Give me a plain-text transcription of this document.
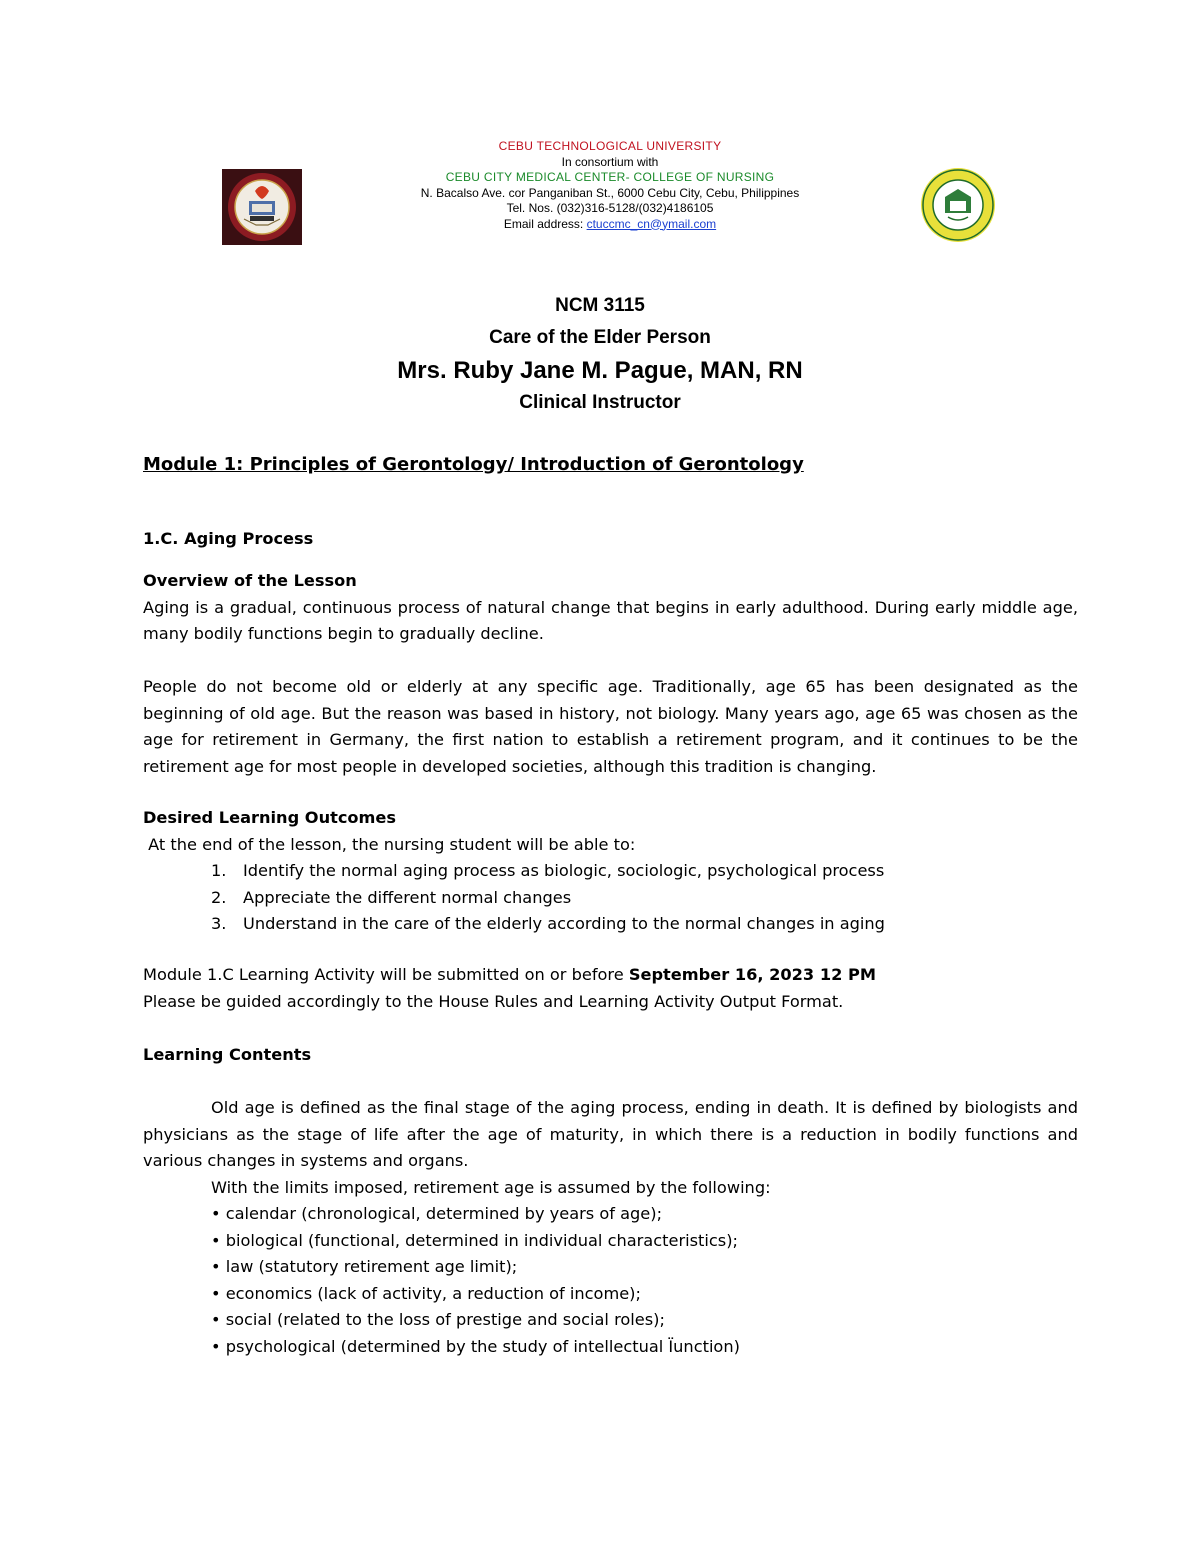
CEBU TECHNOLOGICAL UNIVERSITY
In consortium with
CEBU CITY MEDICAL CENTER- COLLEGE OF NURSING
N. Bacalso Ave. cor Panganiban St., 6000 Cebu City, Cebu, Philippines
Tel. Nos. (032)316-5128/(032)4186105
Email address: ctuccmc_cn@ymail.com
NCM 3115
Care of the Elder Person
Mrs. Ruby Jane M. Pague, MAN, RN
Clinical Instructor

Module 1: Principles of Gerontology/ Introduction of Gerontology

1.C. Aging Process

Overview of the Lesson

Aging is a gradual, continuous process of natural change that begins in early adulthood. During early middle age, many bodily functions begin to gradually decline.

People do not become old or elderly at any specific age. Traditionally, age 65 has been designated as the beginning of old age. But the reason was based in history, not biology. Many years ago, age 65 was chosen as the age for retirement in Germany, the first nation to establish a retirement program, and it continues to be the retirement age for most people in developed societies, although this tradition is changing.

Desired Learning Outcomes

At the end of the lesson, the nursing student will be able to:

1. Identify the normal aging process as biologic, sociologic, psychological process
2. Appreciate the different normal changes
3. Understand in the care of the elderly according to the normal changes in aging

Module 1.C Learning Activity will be submitted on or before September 16, 2023 12 PM

Please be guided accordingly to the House Rules and Learning Activity Output Format.

Learning Contents

Old age is defined as the final stage of the aging process, ending in death. It is defined by biologists and physicians as the stage of life after the age of maturity, in which there is a reduction in bodily functions and various changes in systems and organs.

With the limits imposed, retirement age is assumed by the following:

• calendar (chronological, determined by years of age);
• biological (functional, determined in individual characteristics);
• law (statutory retirement age limit);
• economics (lack of activity, a reduction of income);
• social (related to the loss of prestige and social roles);
• psychological (determined by the study of intellectual Ϊunction)
